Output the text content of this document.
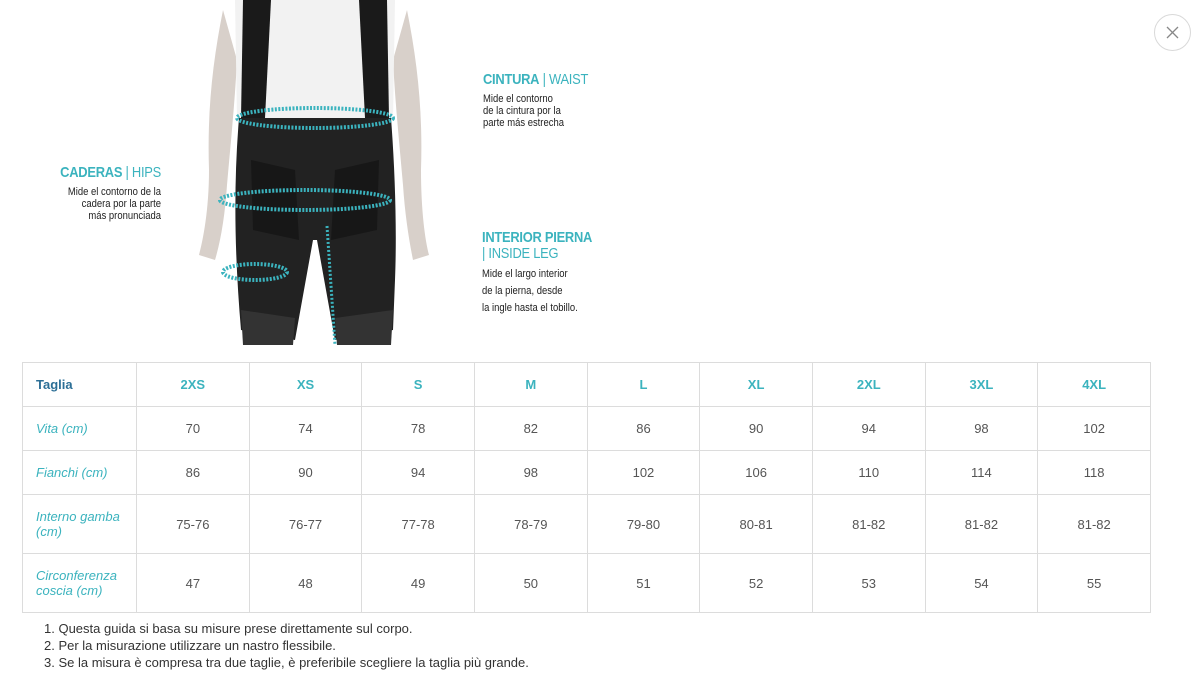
CINTURA | WAIST
Mide el contorno
de la cintura por la
parte más estrecha
CADERAS | HIPS
Mide el contorno de la
cadera por la parte
más pronunciada
INTERIOR PIERNA
| INSIDE LEG
Mide el largo interior
de la pierna, desde
la ingle hasta el tobillo.
Taglia	2XS	XS	S	M	L	XL	2XL	3XL	4XL
Vita (cm)	70	74	78	82	86	90	94	98	102
Fianchi (cm)	86	90	94	98	102	106	110	114	118
Interno gamba (cm)	75-76	76-77	77-78	78-79	79-80	80-81	81-82	81-82	81-82
Circonferenza coscia (cm)	47	48	49	50	51	52	53	54	55
1. Questa guida si basa su misure prese direttamente sul corpo.
2. Per la misurazione utilizzare un nastro flessibile.
3. Se la misura è compresa tra due taglie, è preferibile scegliere la taglia più grande.
